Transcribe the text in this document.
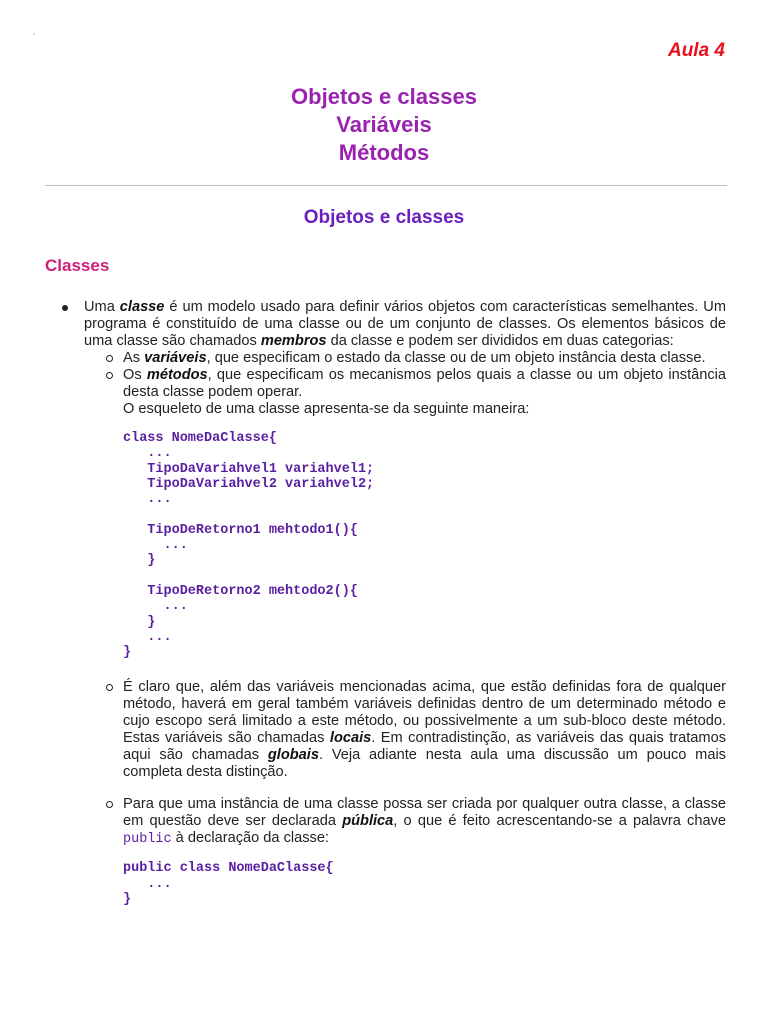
Aula 4
Objetos e classes
Variáveis
Métodos
Objetos e classes
Classes

Uma classe é um modelo usado para definir vários objetos com características semelhantes. Um programa é constituído de uma classe ou de um conjunto de classes. Os elementos básicos de uma classe são chamados membros da classe e podem ser divididos em duas categorias:

As variáveis, que especificam o estado da classe ou de um objeto instância desta classe.

Os métodos, que especificam os mecanismos pelos quais a classe ou um objeto instância desta classe podem operar.

O esqueleto de uma classe apresenta-se da seguinte maneira:

class NomeDaClasse{
...
TipoDaVariahvel1 variahvel1;
TipoDaVariahvel2 variahvel2;
...

TipoDeRetorno1 mehtodo1(){
...
}

TipoDeRetorno2 mehtodo2(){
...
}
...
}

É claro que, além das variáveis mencionadas acima, que estão definidas fora de qualquer método, haverá em geral também variáveis definidas dentro de um determinado método e cujo escopo será limitado a este método, ou possivelmente a um sub-bloco deste método. Estas variáveis são chamadas locais. Em contradistinção, as variáveis das quais tratamos aqui são chamadas globais. Veja adiante nesta aula uma discussão um pouco mais completa desta distinção.

Para que uma instância de uma classe possa ser criada por qualquer outra classe, a classe em questão deve ser declarada pública, o que é feito acrescentando-se a palavra chave public à declaração da classe:

public class NomeDaClasse{
...
}
